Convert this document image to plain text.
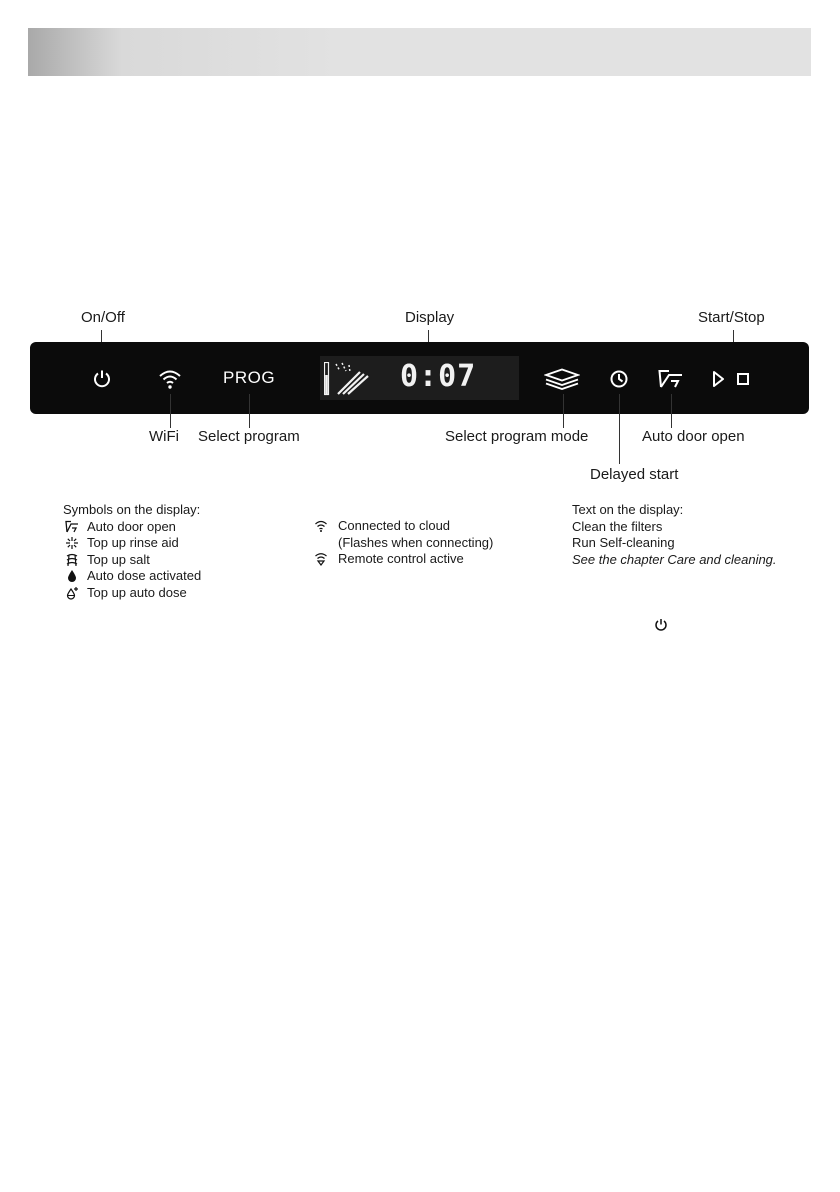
On/Off	Display	Start/Stop
PROG	0:07
WiFi Select program	Select program mode	Auto door open
Delayed start
Symbols on the display:
Auto door open
Top up rinse aid
Top up salt
Auto dose activated
Top up auto dose
Connected to cloud
(Flashes when connecting)
Remote control active
Text on the display:
Clean the filters
Run Self-cleaning
See the chapter Care and cleaning.
